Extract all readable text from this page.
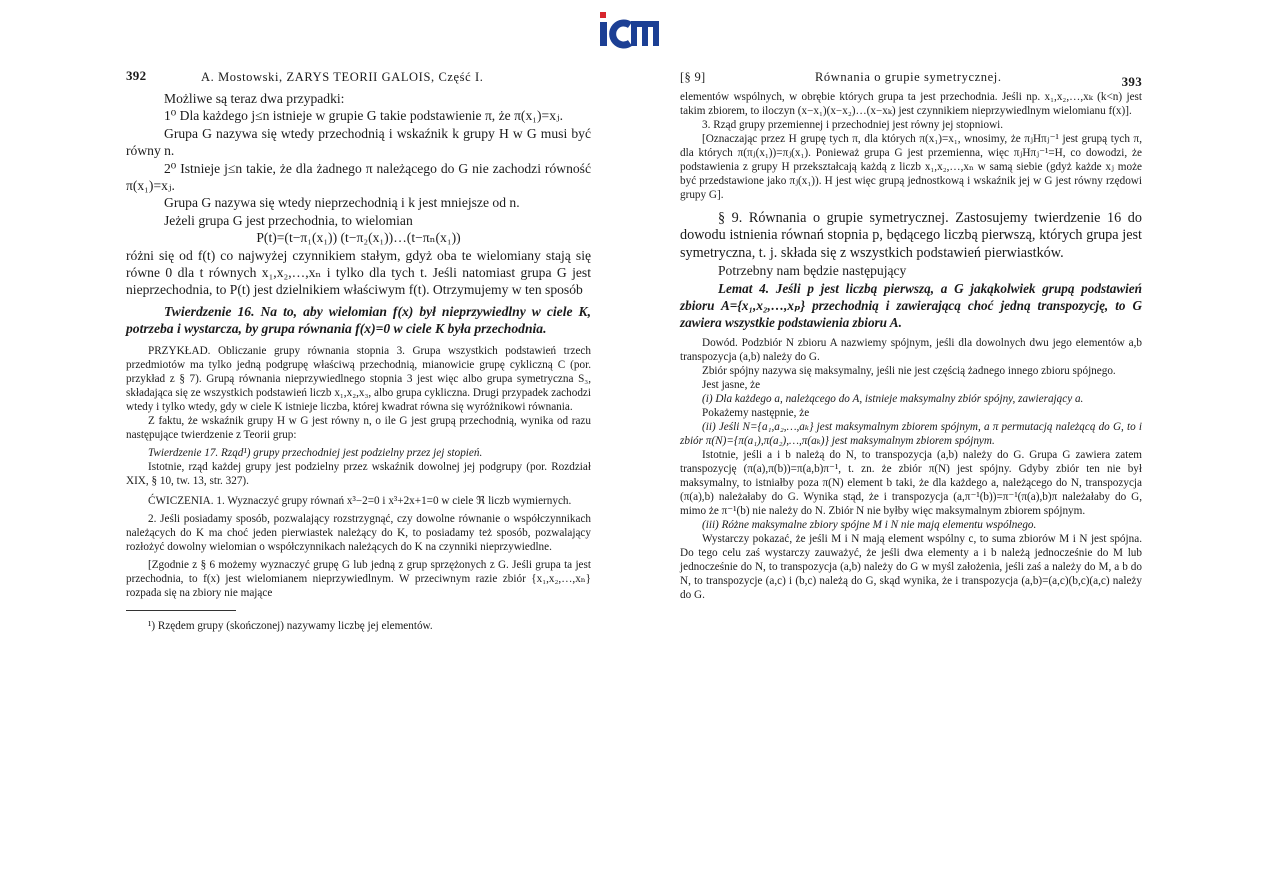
392	A. Mostowski, ZARYS TEORII GALOIS, Część I.

Możliwe są teraz dwa przypadki:

1⁰ Dla każdego j≤n istnieje w grupie G takie podstawienie π, że π(x₁)=xⱼ.

Grupa G nazywa się wtedy przechodnią i wskaźnik k grupy H w G musi być równy n.

2⁰ Istnieje j≤n takie, że dla żadnego π należącego do G nie zachodzi równość π(x₁)=xⱼ.

Grupa G nazywa się wtedy nieprzechodnią i k jest mniejsze od n.

Jeżeli grupa G jest przechodnia, to wielomian

P(t)=(t−π₁(x₁)) (t−π₂(x₁))…(t−πₙ(x₁))

różni się od f(t) co najwyżej czynnikiem stałym, gdyż oba te wielomiany stają się równe 0 dla t równych x₁,x₂,…,xₙ i tylko dla tych t. Jeśli natomiast grupa G jest nieprzechodnia, to P(t) jest dzielnikiem właściwym f(t). Otrzymujemy w ten sposób

Twierdzenie 16. Na to, aby wielomian f(x) był nieprzywiedlny w ciele K, potrzeba i wystarcza, by grupa równania f(x)=0 w ciele K była przechodnia.

PRZYKŁAD. Obliczanie grupy równania stopnia 3. Grupa wszystkich podstawień trzech przedmiotów ma tylko jedną podgrupę właściwą przechodnią, mianowicie grupę cykliczną C (por. przykład z § 7). Grupą równania nieprzywiedlnego stopnia 3 jest więc albo grupa symetryczna S₃, składająca się ze wszystkich podstawień liczb x₁,x₂,x₃, albo grupa cykliczna. Drugi przypadek zachodzi wtedy i tylko wtedy, gdy w ciele K istnieje liczba, której kwadrat równa się wyróżnikowi równania.

Z faktu, że wskaźnik grupy H w G jest równy n, o ile G jest grupą przechodnią, wynika od razu następujące twierdzenie z Teorii grup:

Twierdzenie 17. Rząd¹) grupy przechodniej jest podzielny przez jej stopień.

Istotnie, rząd każdej grupy jest podzielny przez wskaźnik dowolnej jej podgrupy (por. Rozdział XIX, § 10, tw. 13, str. 327).

ĆWICZENIA. 1. Wyznaczyć grupy równań x³−2=0 i x³+2x+1=0 w ciele ℜ liczb wymiernych.

2. Jeśli posiadamy sposób, pozwalający rozstrzygnąć, czy dowolne równanie o współczynnikach należących do K ma choć jeden pierwiastek należący do K, to posiadamy też sposób, pozwalający rozłożyć dowolny wielomian o współczynnikach należących do K na czynniki nieprzywiedlne.

[Zgodnie z § 6 możemy wyznaczyć grupę G lub jedną z grup sprzężonych z G. Jeśli grupa ta jest przechodnia, to f(x) jest wielomianem nieprzywiedlnym. W przeciwnym razie zbiór {x₁,x₂,…,xₙ} rozpada się na zbiory nie mające

¹) Rzędem grupy (skończonej) nazywamy liczbę jej elementów.

[§ 9]	Równania o grupie symetrycznej.	393

elementów wspólnych, w obrębie których grupa ta jest przechodnia. Jeśli np. x₁,x₂,…,xₖ (k<n) jest takim zbiorem, to iloczyn (x−x₁)(x−x₂)…(x−xₖ) jest czynnikiem nieprzywiedlnym wielomianu f(x)].

3. Rząd grupy przemiennej i przechodniej jest równy jej stopniowi.

[Oznaczając przez H grupę tych π, dla których π(x₁)=x₁, wnosimy, że πⱼHπⱼ⁻¹ jest grupą tych π, dla których π(πⱼ(x₁))=πⱼ(x₁). Ponieważ grupa G jest przemienna, więc πⱼHπⱼ⁻¹=H, co dowodzi, że podstawienia z grupy H przekształcają każdą z liczb x₁,x₂,…,xₙ w samą siebie (gdyż każde xⱼ może być przedstawione jako πⱼ(x₁)). H jest więc grupą jednostkową i wskaźnik jej w G jest równy rzędowi grupy G].

§ 9. Równania o grupie symetrycznej. Zastosujemy twierdzenie 16 do dowodu istnienia równań stopnia p, będącego liczbą pierwszą, których grupa jest symetryczna, t. j. składa się z wszystkich podstawień pierwiastków.

Potrzebny nam będzie następujący

Lemat 4. Jeśli p jest liczbą pierwszą, a G jakąkolwiek grupą podstawień zbioru A={x₁,x₂,…,xₚ} przechodnią i zawierającą choć jedną transpozycję, to G zawiera wszystkie podstawienia zbioru A.

Dowód. Podzbiór N zbioru A nazwiemy spójnym, jeśli dla dowolnych dwu jego elementów a,b transpozycja (a,b) należy do G.

Zbiór spójny nazywa się maksymalny, jeśli nie jest częścią żadnego innego zbioru spójnego.

Jest jasne, że

(i) Dla każdego a, należącego do A, istnieje maksymalny zbiór spójny, zawierający a.

Pokażemy następnie, że

(ii) Jeśli N={a₁,a₂,…,aₖ} jest maksymalnym zbiorem spójnym, a π permutacją należącą do G, to i zbiór π(N)={π(a₁),π(a₂),…,π(aₖ)} jest maksymalnym zbiorem spójnym.

Istotnie, jeśli a i b należą do N, to transpozycja (a,b) należy do G. Grupa G zawiera zatem transpozycję (π(a),π(b))=π(a,b)π⁻¹, t. zn. że zbiór π(N) jest spójny. Gdyby zbiór ten nie był maksymalny, to istniałby poza π(N) element b taki, że dla każdego a, należącego do N, transpozycja (π(a),b) należałaby do G. Wynika stąd, że i transpozycja (a,π⁻¹(b))=π⁻¹(π(a),b)π należałaby do G, mimo że π⁻¹(b) nie należy do N. Zbiór N nie byłby więc maksymalnym zbiorem spójnym.

(iii) Różne maksymalne zbiory spójne M i N nie mają elementu wspólnego.

Wystarczy pokazać, że jeśli M i N mają element wspólny c, to suma zbiorów M i N jest spójna. Do tego celu zaś wystarczy zauważyć, że jeśli dwa elementy a i b należą jednocześnie do M lub jednocześnie do N, to transpozycja (a,b) należy do G w myśl założenia, jeśli zaś a należy do M, a b do N, to transpozycje (a,c) i (b,c) należą do G, skąd wynika, że i transpozycja (a,b)=(a,c)(b,c)(a,c) należy do G.
